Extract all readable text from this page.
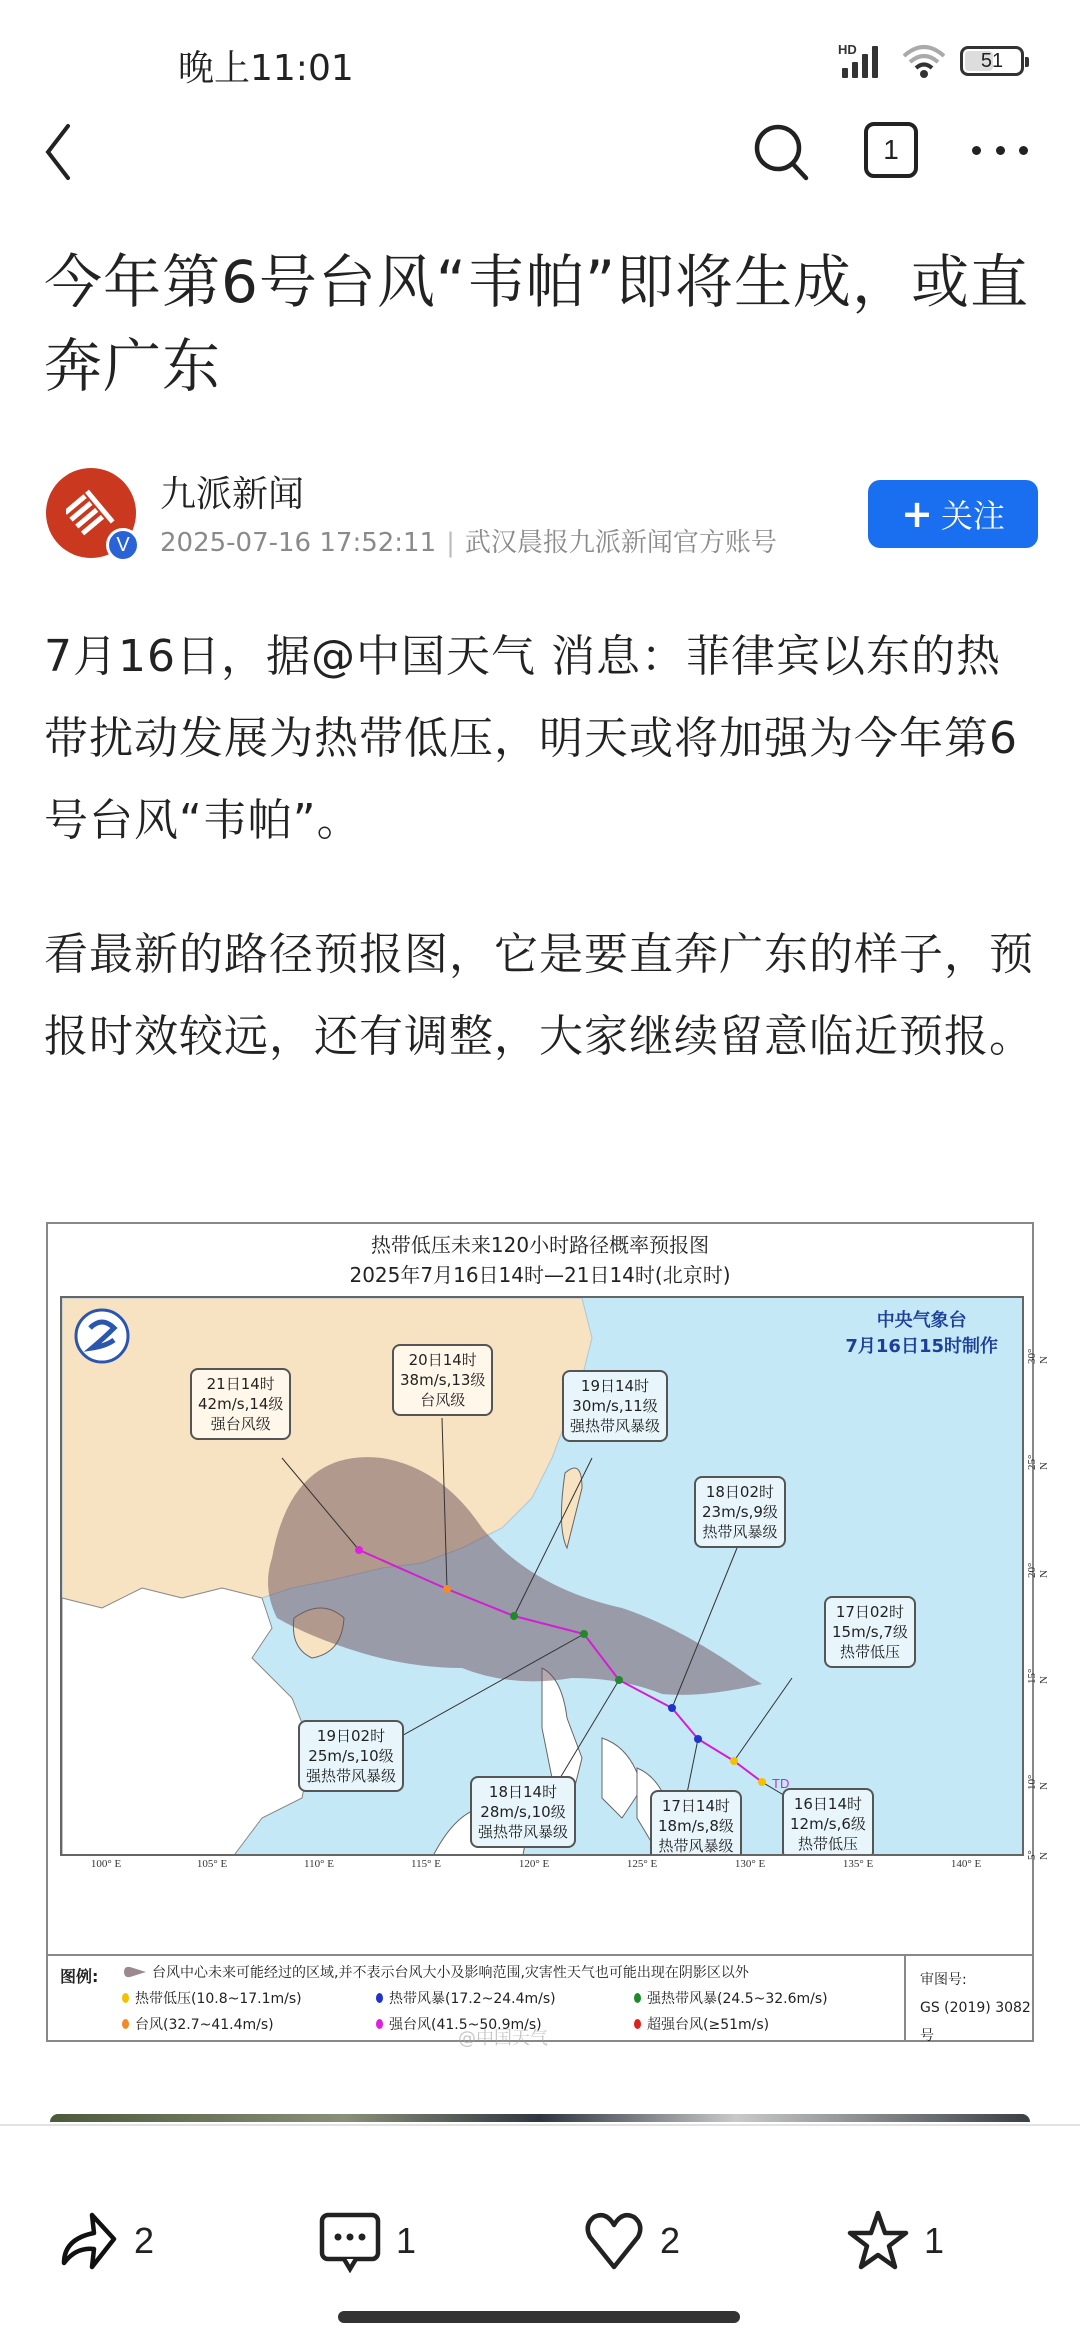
晚上11:01	HD	51
1
今年第6号台风“韦帕”即将生成，或直奔广东
V
九派新闻
2025-07-16 17:52:11 | 武汉晨报九派新闻官方账号
+ 关注

7月16日，据@中国天气 消息：菲律宾以东的热带扰动发展为热带低压，明天或将加强为今年第6号台风“韦帕”。

看最新的路径预报图，它是要直奔广东的样子，预报时效较远，还有调整，大家继续留意临近预报。

热带低压未来120小时路径概率预报图
2025年7月16日14时—21日14时(北京时)
中央气象台
7月16日15时制作
21日14时
42m/s,14级
强台风级
20日14时
38m/s,13级
台风级
19日14时
30m/s,11级
强热带风暴级
18日02时
23m/s,9级
热带风暴级
17日02时
15m/s,7级
热带低压
19日02时
25m/s,10级
强热带风暴级
18日14时
28m/s,10级
强热带风暴级
17日14时
18m/s,8级
热带风暴级
16日14时
12m/s,6级
热带低压
TD
100° E	105° E	110° E	115° E	120° E	125° E	130° E	135° E	140° E
30° N
25° N
20° N
15° N
10° N
5° N
图例:	台风中心未来可能经过的区域,并不表示台风大小及影响范围,灾害性天气也可能出现在阴影区以外
热带低压(10.8~17.1m/s)	热带风暴(17.2~24.4m/s)	强热带风暴(24.5~32.6m/s)
台风(32.7~41.4m/s)	强台风(41.5~50.9m/s)	超强台风(≥51m/s)
审图号:
GS (2019) 3082号
@中国天气
2	1	2	1
